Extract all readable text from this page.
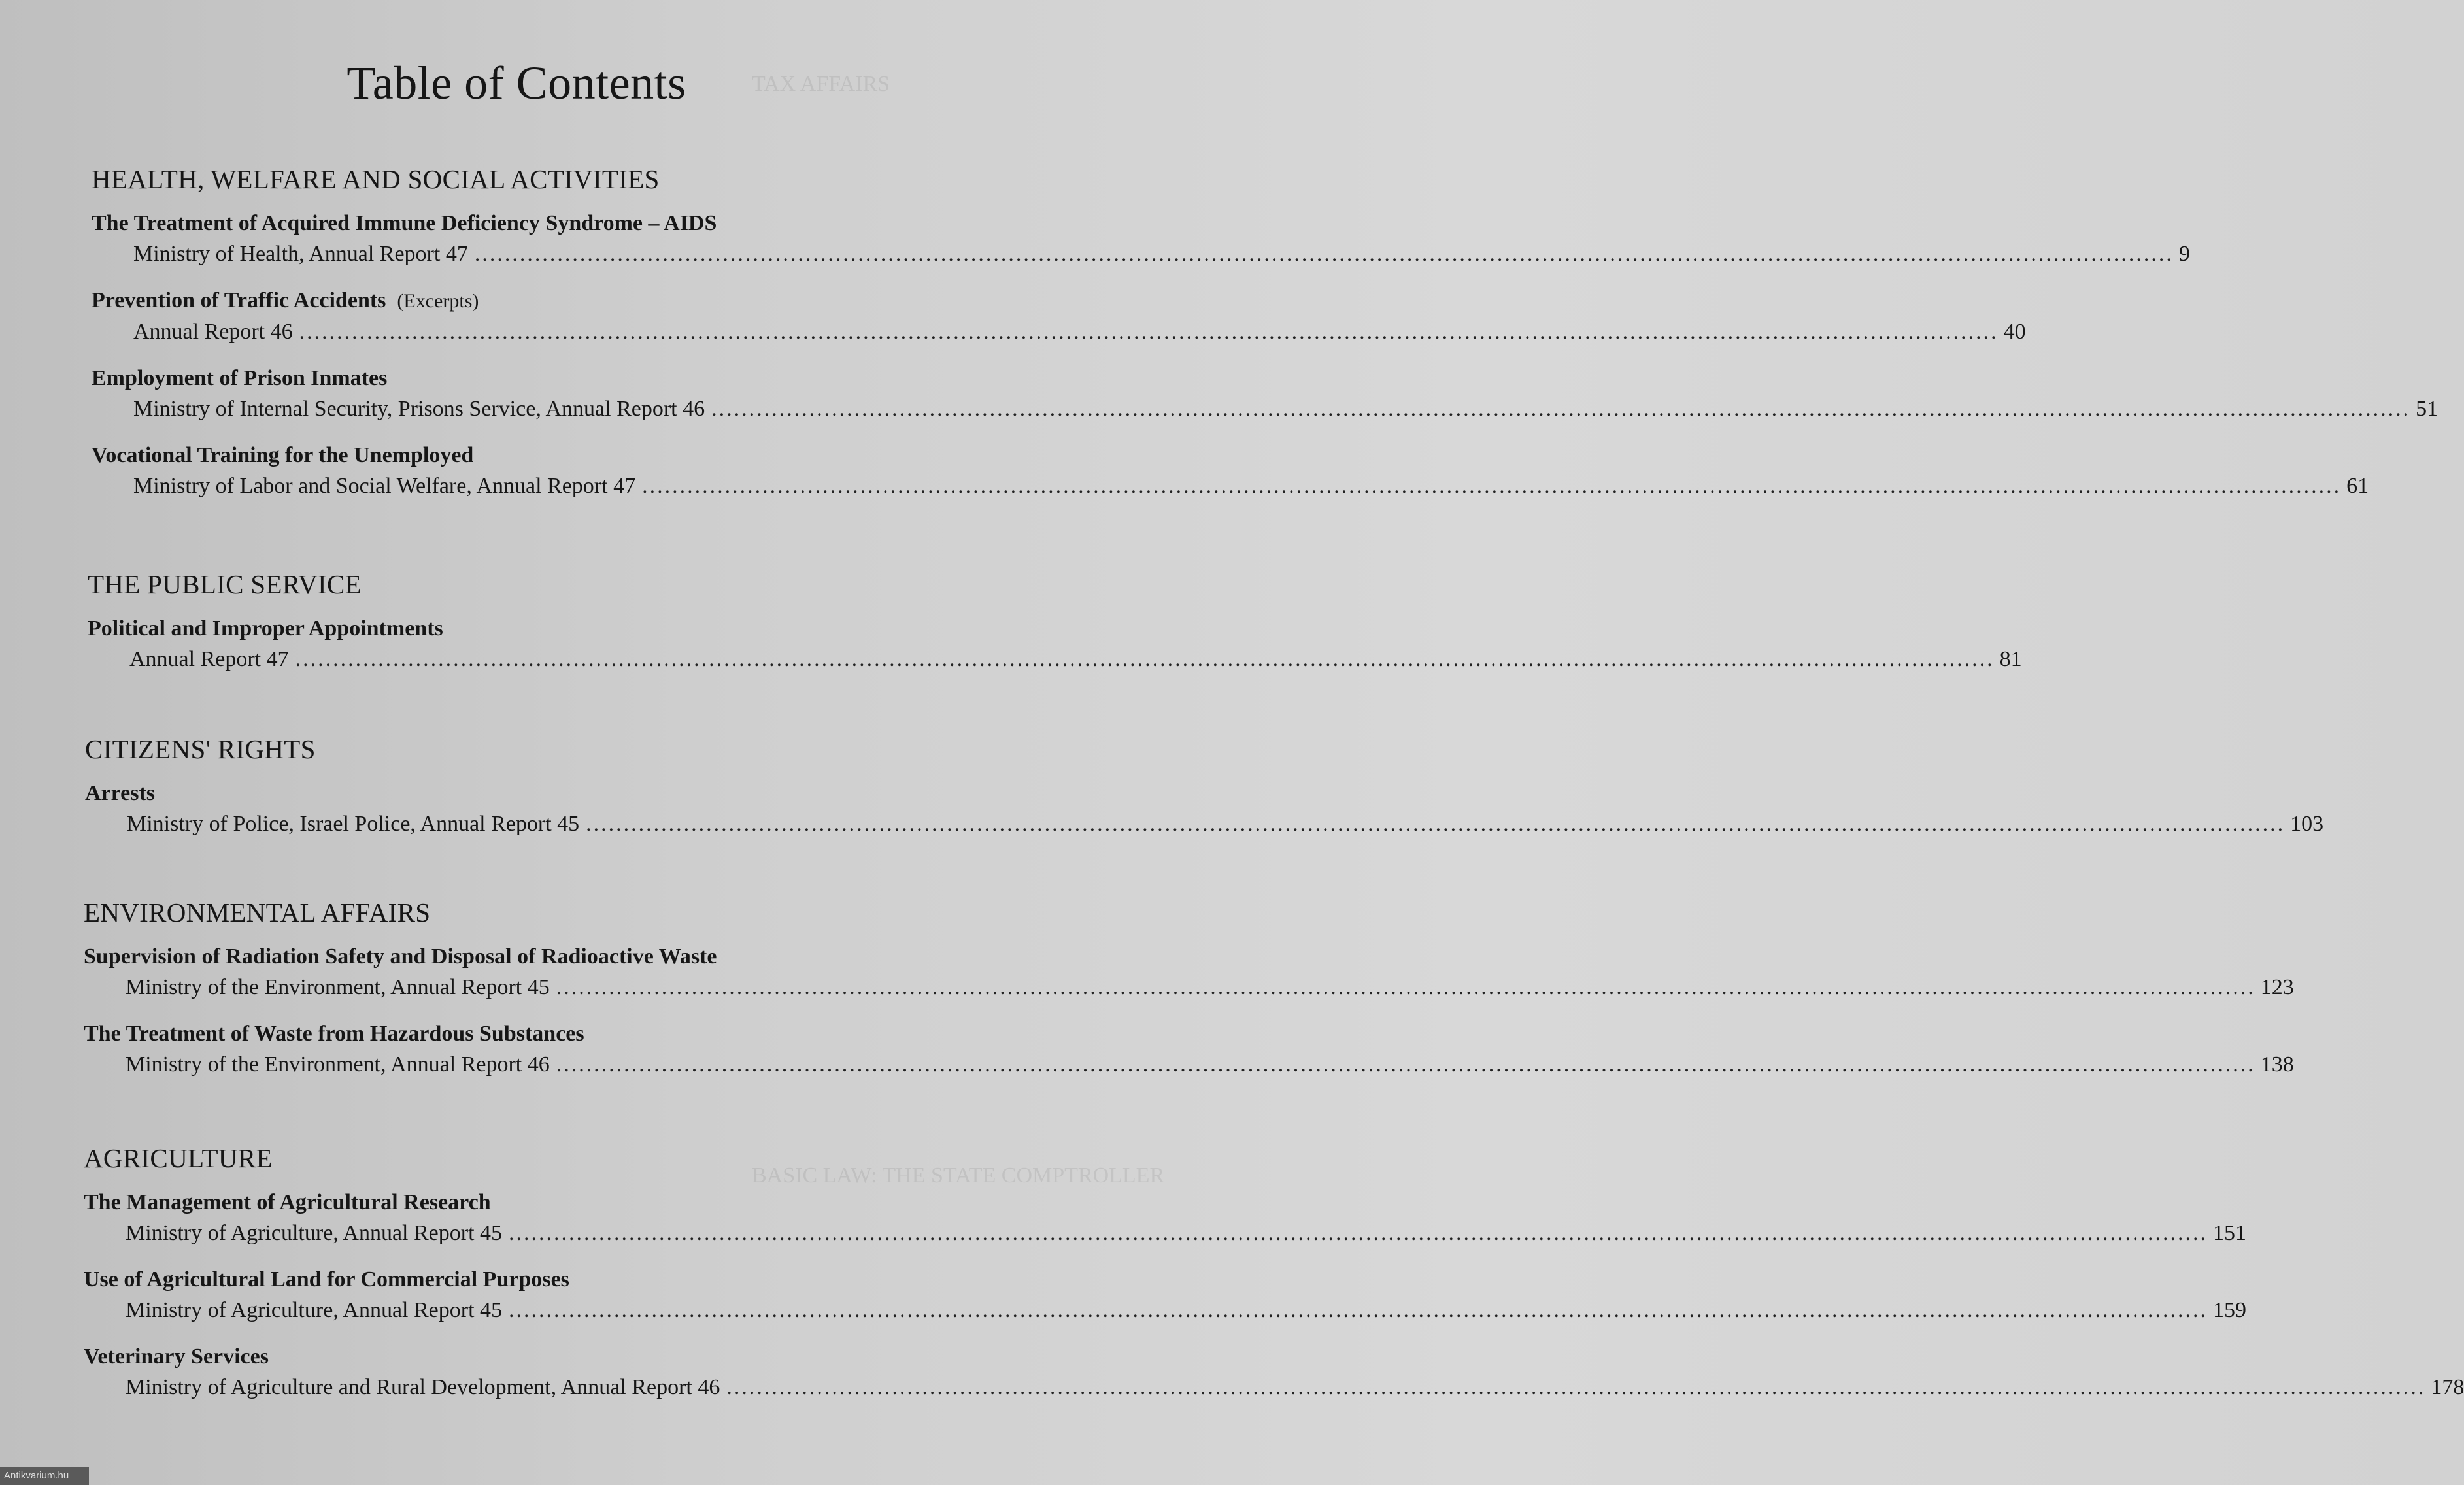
Table of Contents	TAX AFFAIRS
BASIC LAW: THE STATE COMPTROLLER
HEALTH, WELFARE AND SOCIAL ACTIVITIES

The Treatment of Acquired Immune Deficiency Syndrome – AIDS

Ministry of Health, Annual Report 47 .....	9

Prevention of Traffic Accidents (Excerpts)

Annual Report 46 .....	40

Employment of Prison Inmates

Ministry of Internal Security, Prisons Service, Annual Report 46 .....	51

Vocational Training for the Unemployed

Ministry of Labor and Social Welfare, Annual Report 47 .....	61
THE PUBLIC SERVICE

Political and Improper Appointments

Annual Report 47 .....	81
CITIZENS' RIGHTS

Arrests

Ministry of Police, Israel Police, Annual Report 45 .....	103
ENVIRONMENTAL AFFAIRS

Supervision of Radiation Safety and Disposal of Radioactive Waste

Ministry of the Environment, Annual Report 45 .....	123

The Treatment of Waste from Hazardous Substances

Ministry of the Environment, Annual Report 46 .....	138
AGRICULTURE

The Management of Agricultural Research

Ministry of Agriculture, Annual Report 45 .....	151

Use of Agricultural Land for Commercial Purposes

Ministry of Agriculture, Annual Report 45 .....	159

Veterinary Services

Ministry of Agriculture and Rural Development, Annual Report 46 .....	178
Antikvarium.hu
